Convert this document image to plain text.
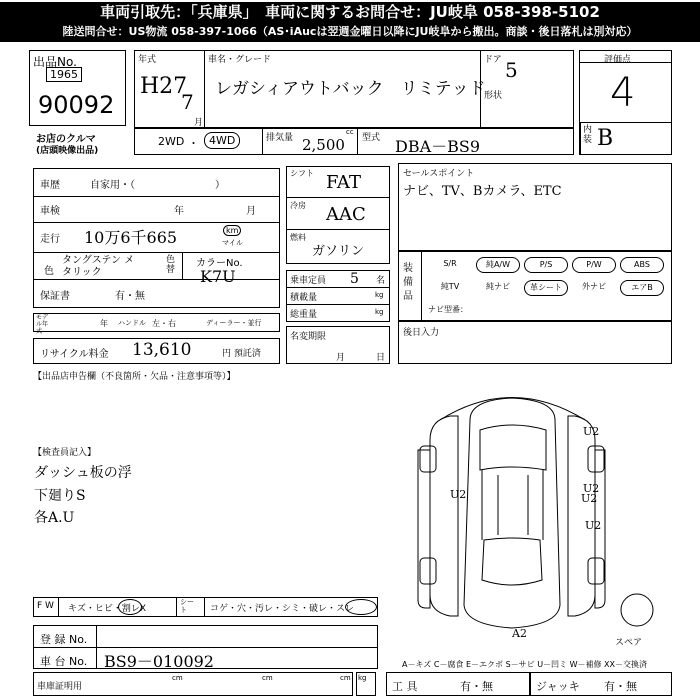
車両引取先：「兵庫県」　車両に関するお問合せ：JU岐阜 058-398-5102
陸送問合せ：US物流 058-397-1066（AS･iAucは翌週金曜日以降にJU岐阜から搬出。商談・後日落札は別対応）
出品No.
1965
90092
お店のクルマ
(店頭映像出品)
年式
H27
7
月
車名・グレード
レガシィアウトバック　リミテッド
ドア 5
形状
2WD ・ 4WD	排気量 2,500
cc
型式 DBA－BS9
評価点
4
内装 B
車歴	自家用・（　　　　　　　　）
車検	年	月
走行 10万6千665	km
マイル
色
タングステン メタリック
色替
カラーNo.
K7U
保証書	有・無
モデル年式
年 ハンドル 左・右	ディーラー・並行
リサイクル料金 13,610	円 預託済
シフト FAT
冷房 AAC
燃料
ガソリン
乗車定員 5 名
積載量	kg
総重量	kg
名変期限
月	日
セールスポイント
ナビ、TV、Bカメラ、ETC
装備品
S/R	純A/W	P/S	P/W	ABS
純TV	純ナビ	革シート	外ナビ	エアB
ナビ型番：
後日入力
【出品店申告欄（不良箇所・欠品・注意事項等）】
【検査員記入】
ダッシュ板の浮
下廻りS
各A.U
U2
U2	U2
U2
U2
A2
スペア
F W キズ・ヒビ・割レX
シート	コゲ・穴・汚レ・シミ・破レ・スレ
登 録 No.
車 台 No. BS9－010092	A－キズ C－腐食 E－エクボ S－サビ U－凹ミ W－補修 XX－交換済
車庫証明用
cm	cm	cm kg
工 具	有・無	ジャッキ 有・無
